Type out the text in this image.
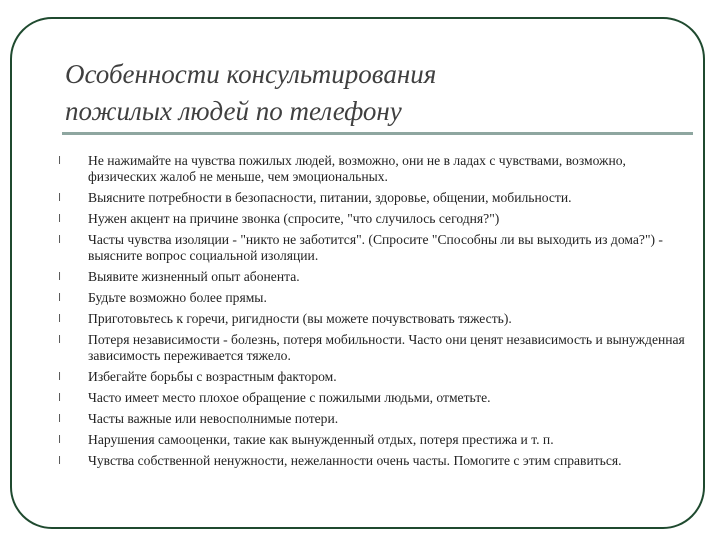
Особенности консультирования
пожилых людей по телефону
l	Не нажимайте на чувства пожилых людей, возможно, они не в ладах с чувствами, возможно, физических жалоб не меньше, чем эмоциональных.
l	Выясните потребности в безопасности, питании, здоровье, общении, мобильности.
l	Нужен акцент на причине звонка (спросите, "что случилось сегодня?")
l	Часты чувства изоляции - "никто не заботится". (Спросите "Способны ли вы выходить из дома?") - выясните вопрос социальной изоляции.
l	Выявите жизненный опыт абонента.
l	Будьте возможно более прямы.
l	Приготовьтесь к горечи, ригидности (вы можете почувствовать тяжесть).
l	Потеря независимости - болезнь, потеря мобильности. Часто они ценят независимость и вынужденная зависимость переживается тяжело.
l	Избегайте борьбы с возрастным фактором.
l	Часто имеет место плохое обращение с пожилыми людьми, отметьте.
l	Часты важные или невосполнимые потери.
l	Нарушения самооценки, такие как вынужденный отдых, потеря престижа и т. п.
l	Чувства собственной ненужности, нежеланности очень часты. Помогите с этим справиться.
